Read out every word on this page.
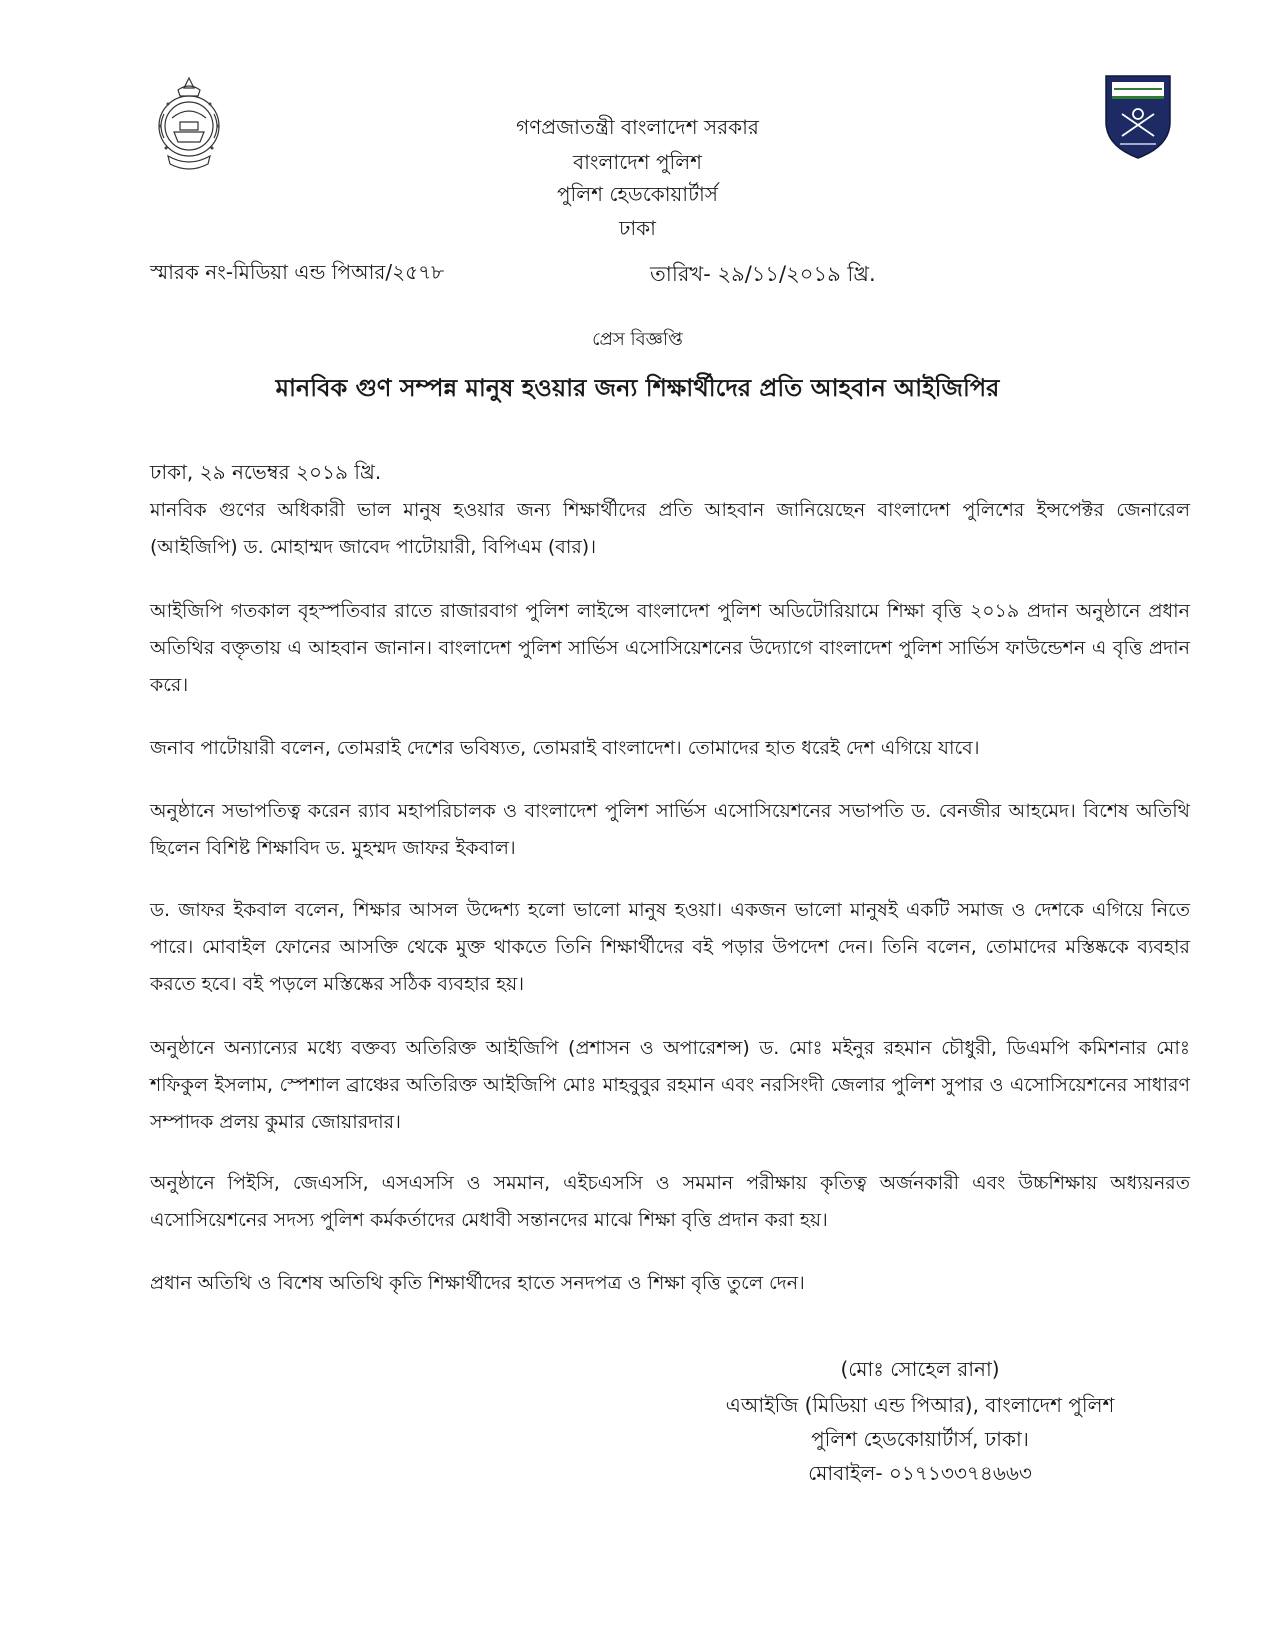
গণপ্রজাতন্ত্রী বাংলাদেশ সরকার
বাংলাদেশ পুলিশ
পুলিশ হেডকোয়ার্টার্স
ঢাকা
স্মারক নং-মিডিয়া এন্ড পিআর/২৫৭৮	তারিখ- ২৯/১১/২০১৯ খ্রি.
প্রেস বিজ্ঞপ্তি
মানবিক গুণ সম্পন্ন মানুষ হওয়ার জন্য শিক্ষার্থীদের প্রতি আহবান আইজিপির
ঢাকা, ২৯ নভেম্বর ২০১৯ খ্রি.
মানবিক গুণের অধিকারী ভাল মানুষ হওয়ার জন্য শিক্ষার্থীদের প্রতি আহবান জানিয়েছেন বাংলাদেশ পুলিশের ইন্সপেক্টর জেনারেল (আইজিপি) ড. মোহাম্মদ জাবেদ পাটোয়ারী, বিপিএম (বার)।
আইজিপি গতকাল বৃহস্পতিবার রাতে রাজারবাগ পুলিশ লাইন্সে বাংলাদেশ পুলিশ অডিটোরিয়ামে শিক্ষা বৃত্তি ২০১৯ প্রদান অনুষ্ঠানে প্রধান অতিথির বক্তৃতায় এ আহবান জানান। বাংলাদেশ পুলিশ সার্ভিস এসোসিয়েশনের উদ্যোগে বাংলাদেশ পুলিশ সার্ভিস ফাউন্ডেশন এ বৃত্তি প্রদান করে।
জনাব পাটোয়ারী বলেন, তোমরাই দেশের ভবিষ্যত, তোমরাই বাংলাদেশ। তোমাদের হাত ধরেই দেশ এগিয়ে যাবে।
অনুষ্ঠানে সভাপতিত্ব করেন র‍্যাব মহাপরিচালক ও বাংলাদেশ পুলিশ সার্ভিস এসোসিয়েশনের সভাপতি ড. বেনজীর আহমেদ। বিশেষ অতিথি ছিলেন বিশিষ্ট শিক্ষাবিদ ড. মুহম্মদ জাফর ইকবাল।
ড. জাফর ইকবাল বলেন, শিক্ষার আসল উদ্দেশ্য হলো ভালো মানুষ হওয়া। একজন ভালো মানুষই একটি সমাজ ও দেশকে এগিয়ে নিতে পারে। মোবাইল ফোনের আসক্তি থেকে মুক্ত থাকতে তিনি শিক্ষার্থীদের বই পড়ার উপদেশ দেন। তিনি বলেন, তোমাদের মস্তিষ্ককে ব্যবহার করতে হবে। বই পড়লে মস্তিষ্কের সঠিক ব্যবহার হয়।
অনুষ্ঠানে অন্যান্যের মধ্যে বক্তব্য অতিরিক্ত আইজিপি (প্রশাসন ও অপারেশন্স) ড. মোঃ মইনুর রহমান চৌধুরী, ডিএমপি কমিশনার মোঃ শফিকুল ইসলাম, স্পেশাল ব্রাঞ্চের অতিরিক্ত আইজিপি মোঃ মাহবুবুর রহমান এবং নরসিংদী জেলার পুলিশ সুপার ও এসোসিয়েশনের সাধারণ সম্পাদক প্রলয় কুমার জোয়ারদার।
অনুষ্ঠানে পিইসি, জেএসসি, এসএসসি ও সমমান, এইচএসসি ও সমমান পরীক্ষায় কৃতিত্ব অর্জনকারী এবং উচ্চশিক্ষায় অধ্যয়নরত এসোসিয়েশনের সদস্য পুলিশ কর্মকর্তাদের মেধাবী সন্তানদের মাঝে শিক্ষা বৃত্তি প্রদান করা হয়।
প্রধান অতিথি ও বিশেষ অতিথি কৃতি শিক্ষার্থীদের হাতে সনদপত্র ও শিক্ষা বৃত্তি তুলে দেন।
(মোঃ সোহেল রানা)
এআইজি (মিডিয়া এন্ড পিআর), বাংলাদেশ পুলিশ
পুলিশ হেডকোয়ার্টার্স, ঢাকা।
মোবাইল- ০১৭১৩৩৭৪৬৬৩
